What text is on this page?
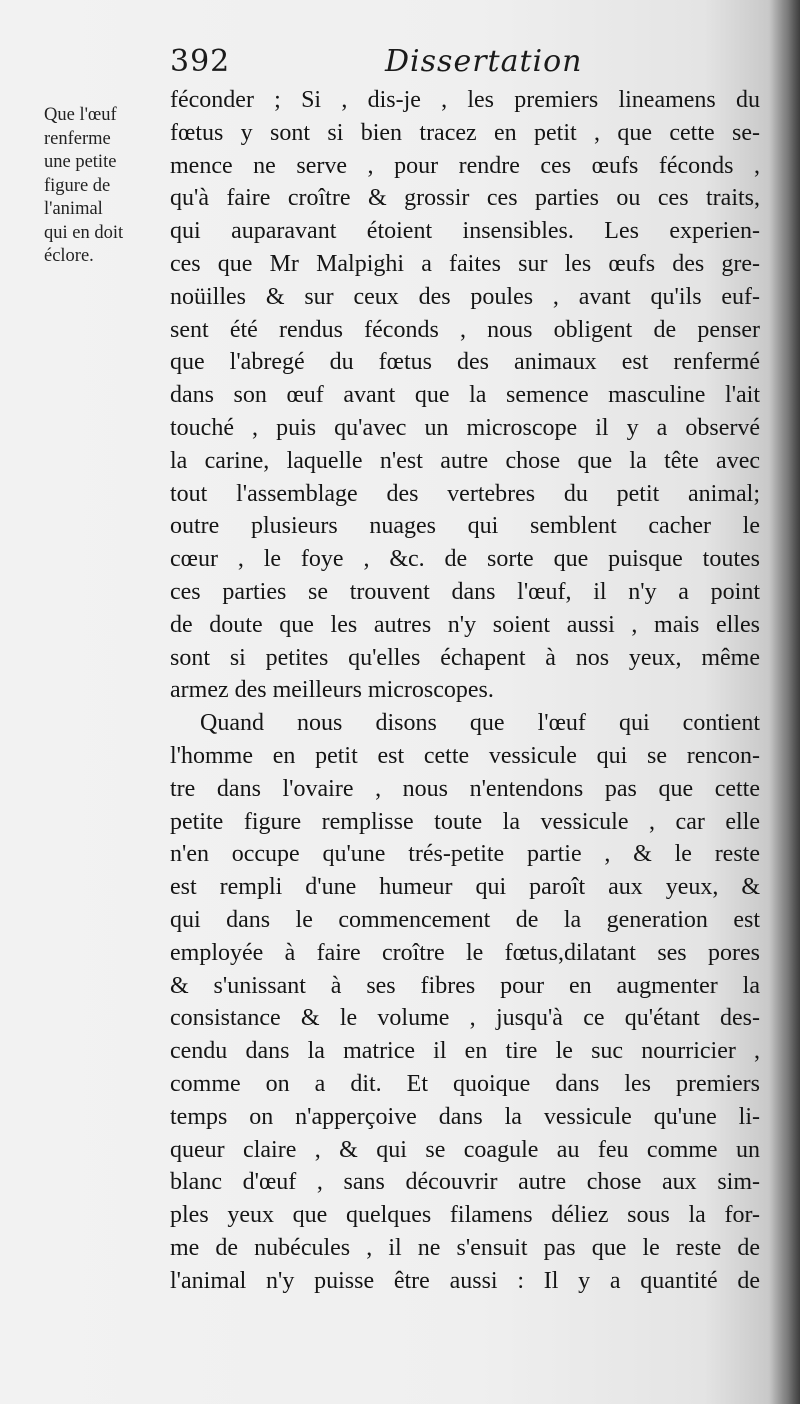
392	Dissertation
Que l'œuf
renferme
une petite
figure de
l'animal
qui en doit
éclore.
féconder ; Si , dis-je , les premiers lineamens du
fœtus y sont si bien tracez en petit , que cette se-
mence ne serve , pour rendre ces œufs féconds ,
qu'à faire croître & grossir ces parties ou ces traits,
qui auparavant étoient insensibles. Les experien-
ces que Mr Malpighi a faites sur les œufs des gre-
noüilles & sur ceux des poules , avant qu'ils euf-
sent été rendus féconds , nous obligent de penser
que l'abregé du fœtus des animaux est renfermé
dans son œuf avant que la semence masculine l'ait
touché , puis qu'avec un microscope il y a observé
la carine, laquelle n'est autre chose que la tête avec
tout l'assemblage des vertebres du petit animal;
outre plusieurs nuages qui semblent cacher le
cœur , le foye , &c. de sorte que puisque toutes
ces parties se trouvent dans l'œuf, il n'y a point
de doute que les autres n'y soient aussi , mais elles
sont si petites qu'elles échapent à nos yeux, même
armez des meilleurs microscopes.
Quand nous disons que l'œuf qui contient
l'homme en petit est cette vessicule qui se rencon-
tre dans l'ovaire , nous n'entendons pas que cette
petite figure remplisse toute la vessicule , car elle
n'en occupe qu'une trés-petite partie , & le reste
est rempli d'une humeur qui paroît aux yeux, &
qui dans le commencement de la generation est
employée à faire croître le fœtus,dilatant ses pores
& s'unissant à ses fibres pour en augmenter la
consistance & le volume , jusqu'à ce qu'étant des-
cendu dans la matrice il en tire le suc nourricier ,
comme on a dit. Et quoique dans les premiers
temps on n'apperçoive dans la vessicule qu'une li-
queur claire , & qui se coagule au feu comme un
blanc d'œuf , sans découvrir autre chose aux sim-
ples yeux que quelques filamens déliez sous la for-
me de nubécules , il ne s'ensuit pas que le reste de
l'animal n'y puisse être aussi : Il y a quantité de
